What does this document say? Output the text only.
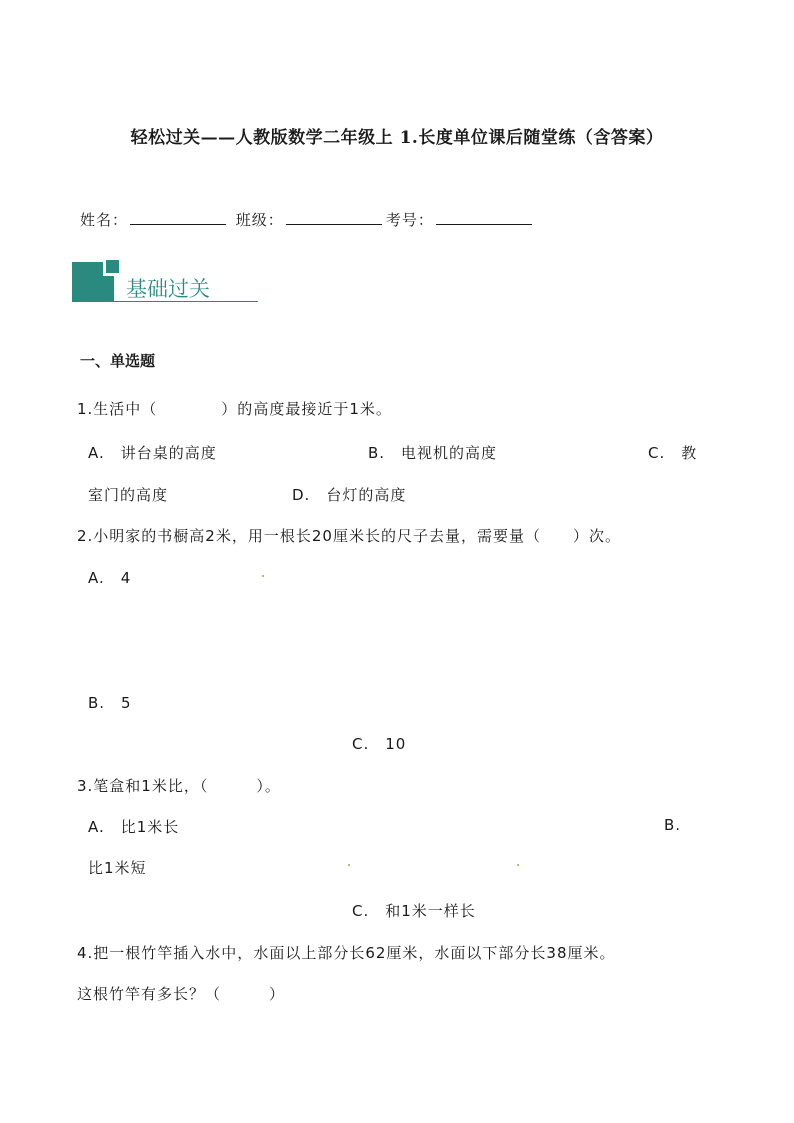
轻松过关——人教版数学二年级上 1.长度单位课后随堂练（含答案）
姓名：	班级：	考号：
基础过关
一、单选题
1.生活中（　　　　）的高度最接近于1米。
A.　讲台桌的高度	B.　电视机的高度	C.　教
室门的高度	D.　台灯的高度
2.小明家的书橱高2米，用一根长20厘米长的尺子去量，需要量（　　）次。
A.　4
B.　5
C.　10
3.笔盒和1米比，（　　　）。
A.　比1米长	B.
比1米短
C.　和1米一样长
4.把一根竹竿插入水中，水面以上部分长62厘米，水面以下部分长38厘米。
这根竹竿有多长？（　　　）
